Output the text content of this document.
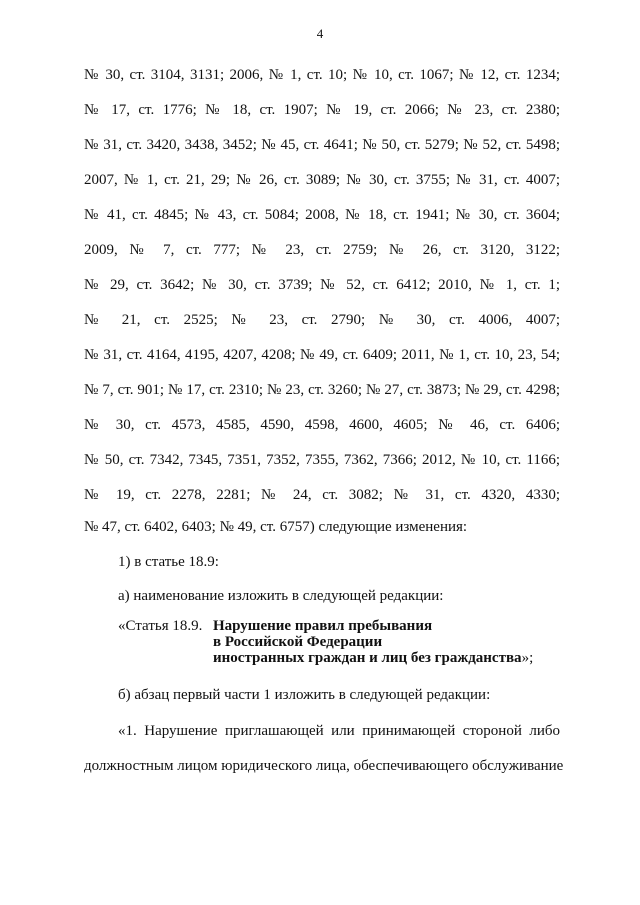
4
№ 30, ст. 3104, 3131; 2006, № 1, ст. 10; № 10, ст. 1067; № 12, ст. 1234;
№ 17, ст. 1776; № 18, ст. 1907; № 19, ст. 2066; № 23, ст. 2380;
№ 31, ст. 3420, 3438, 3452; № 45, ст. 4641; № 50, ст. 5279; № 52, ст. 5498;
2007, № 1, ст. 21, 29; № 26, ст. 3089; № 30, ст. 3755; № 31, ст. 4007;
№ 41, ст. 4845; № 43, ст. 5084; 2008, № 18, ст. 1941; № 30, ст. 3604;
2009, № 7, ст. 777; № 23, ст. 2759; № 26, ст. 3120, 3122;
№ 29, ст. 3642; № 30, ст. 3739; № 52, ст. 6412; 2010, № 1, ст. 1;
№ 21, ст. 2525; № 23, ст. 2790; № 30, ст. 4006, 4007;
№ 31, ст. 4164, 4195, 4207, 4208; № 49, ст. 6409; 2011, № 1, ст. 10, 23, 54;
№ 7, ст. 901; № 17, ст. 2310; № 23, ст. 3260; № 27, ст. 3873; № 29, ст. 4298;
№ 30, ст. 4573, 4585, 4590, 4598, 4600, 4605; № 46, ст. 6406;
№ 50, ст. 7342, 7345, 7351, 7352, 7355, 7362, 7366; 2012, № 10, ст. 1166;
№ 19, ст. 2278, 2281; № 24, ст. 3082; № 31, ст. 4320, 4330;
№ 47, ст. 6402, 6403; № 49, ст. 6757) следующие изменения:
1) в статье 18.9:
а) наименование изложить в следующей редакции:
«Статья 18.9. Нарушение правил пребывания
в Российской Федерации
иностранных граждан и лиц без гражданства»;
б) абзац первый части 1 изложить в следующей редакции:
«1. Нарушение приглашающей или принимающей стороной либо
должностным лицом юридического лица, обеспечивающего обслуживание
